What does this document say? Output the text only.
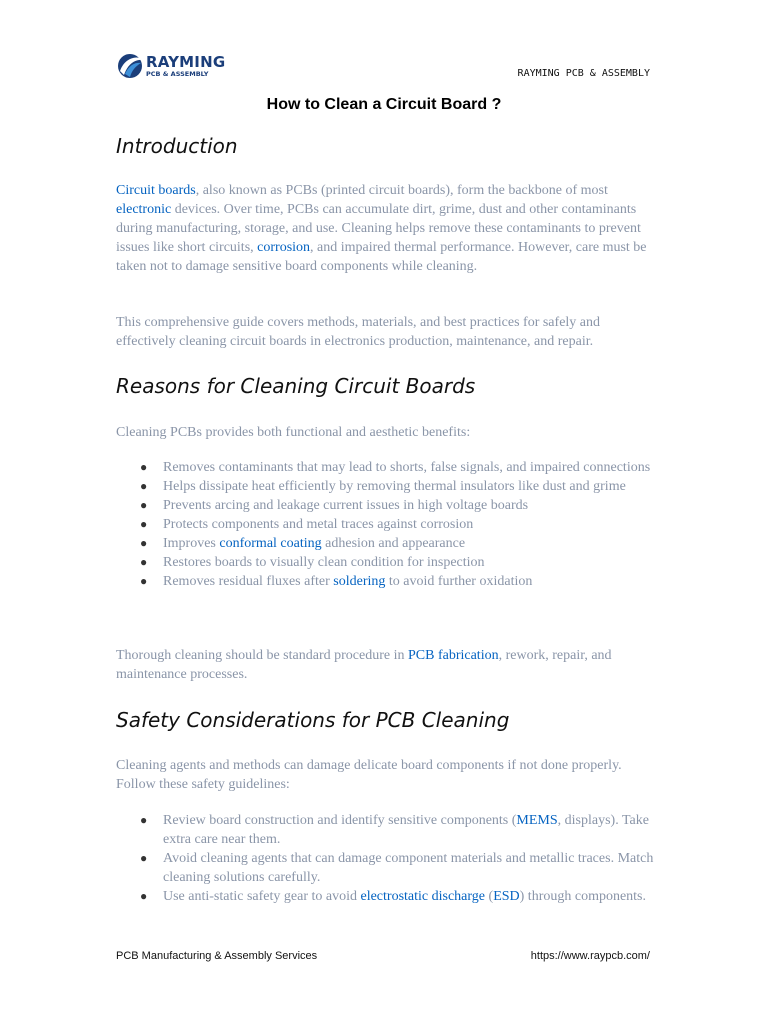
RAYMING
PCB & ASSEMBLY	RAYMING PCB & ASSEMBLY
How to Clean a Circuit Board ?
Introduction

Circuit boards, also known as PCBs (printed circuit boards), form the backbone of most electronic devices. Over time, PCBs can accumulate dirt, grime, dust and other contaminants during manufacturing, storage, and use. Cleaning helps remove these contaminants to prevent issues like short circuits, corrosion, and impaired thermal performance. However, care must be taken not to damage sensitive board components while cleaning.

This comprehensive guide covers methods, materials, and best practices for safely and effectively cleaning circuit boards in electronics production, maintenance, and repair.

Reasons for Cleaning Circuit Boards

Cleaning PCBs provides both functional and aesthetic benefits:

● Removes contaminants that may lead to shorts, false signals, and impaired connections
● Helps dissipate heat efficiently by removing thermal insulators like dust and grime
● Prevents arcing and leakage current issues in high voltage boards
● Protects components and metal traces against corrosion
● Improves conformal coating adhesion and appearance
● Restores boards to visually clean condition for inspection
● Removes residual fluxes after soldering to avoid further oxidation

Thorough cleaning should be standard procedure in PCB fabrication, rework, repair, and maintenance processes.

Safety Considerations for PCB Cleaning

Cleaning agents and methods can damage delicate board components if not done properly. Follow these safety guidelines:

● Review board construction and identify sensitive components (MEMS, displays). Take extra care near them.
● Avoid cleaning agents that can damage component materials and metallic traces. Match cleaning solutions carefully.
● Use anti-static safety gear to avoid electrostatic discharge (ESD) through components.
PCB Manufacturing & Assembly Services	https://www.raypcb.com/
